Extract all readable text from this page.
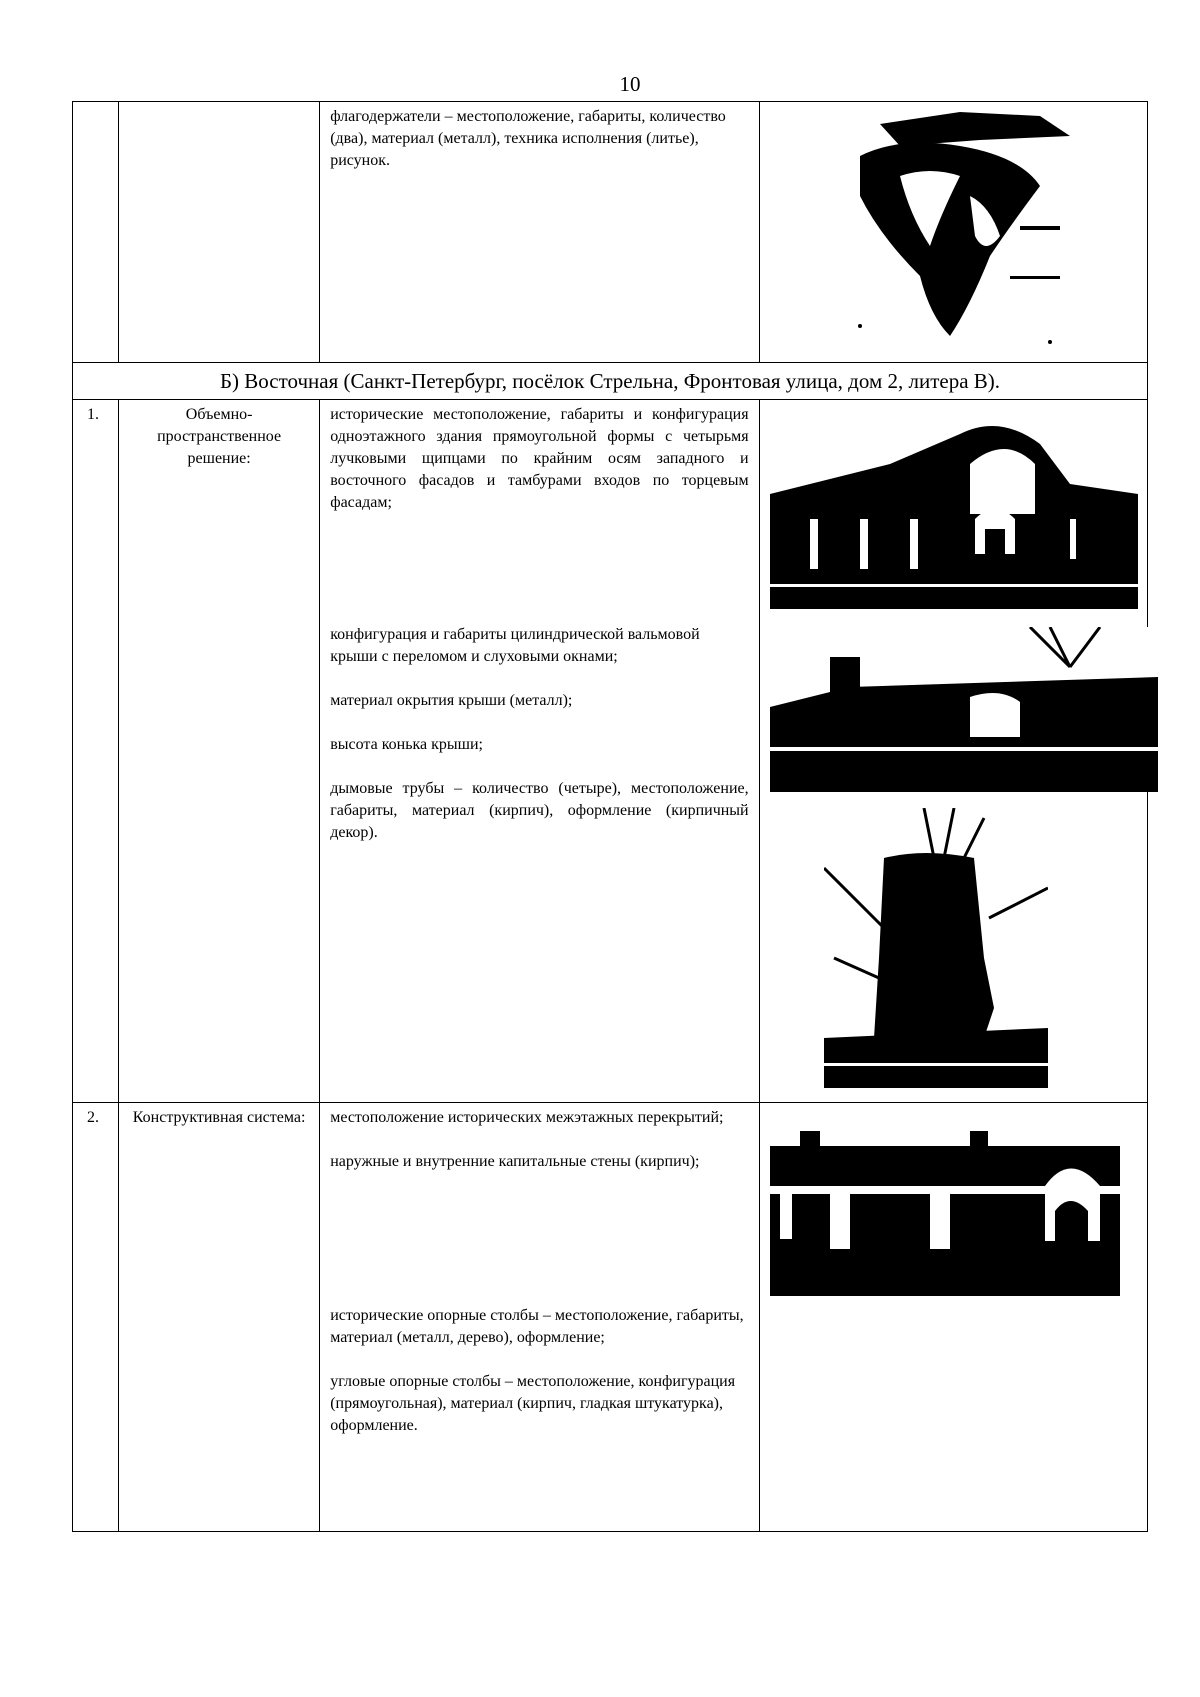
10

		флагодержатели – местоположение, габариты, количество (два), материал (металл), техника исполнения (литье), рисунок.

Б) Восточная (Санкт-Петербург, посёлок Стрельна, Фронтовая улица, дом 2, литера В).			
1.	Объемно-пространственное решение:	исторические местоположение, габариты и конфигурация одноэтажного здания прямоугольной формы с четырьмя лучковыми щипцами по крайним осям западного и восточного фасадов и тамбурами входов по торцевым фасадам;

конфигурация и габариты цилиндрической вальмовой крыши с переломом и слуховыми окнами;

материал окрытия крыши (металл);

высота конька крыши;

дымовые трубы – количество (четыре), местоположение, габариты, материал (кирпич), оформление (кирпичный декор).

2.	Конструктивная система:	местоположение исторических межэтажных перекрытий;

наружные и внутренние капитальные стены (кирпич);

исторические опорные столбы – местоположение, габариты, материал (металл, дерево), оформление;

угловые опорные столбы – местоположение, конфигурация (прямоугольная), материал (кирпич, гладкая штукатурка), оформление.
